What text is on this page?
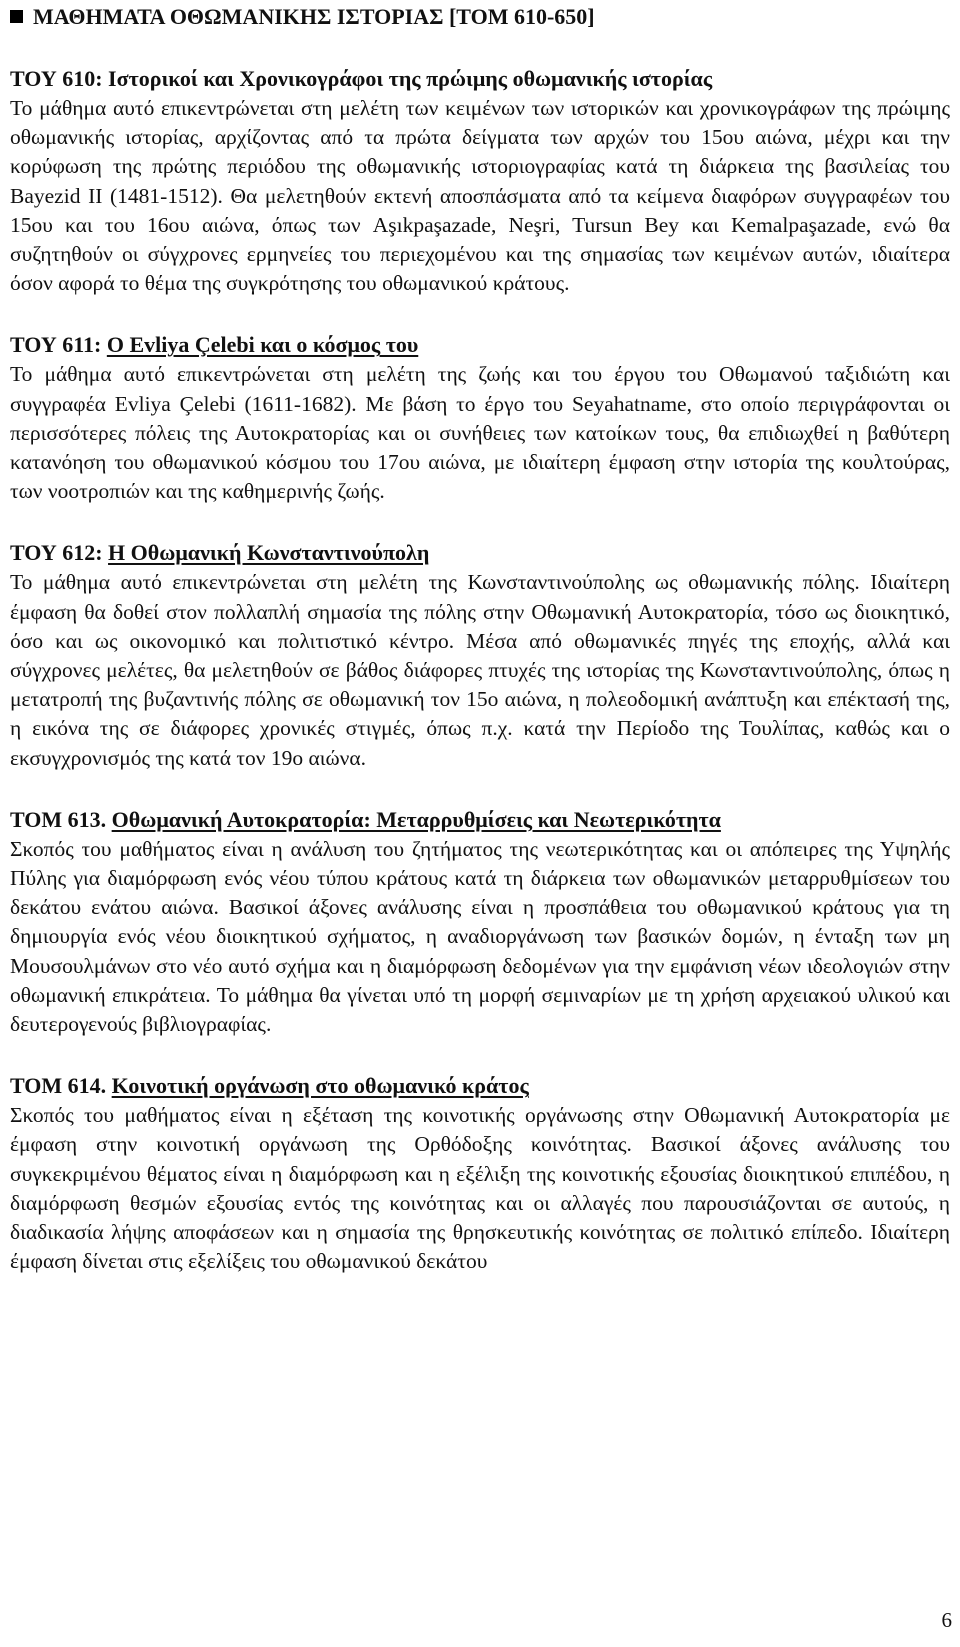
ΜΑΘΗΜΑΤΑ ΟΘΩΜΑΝΙΚΗΣ ΙΣΤΟΡΙΑΣ [ΤΟΜ 610-650]

ΤΟΥ 610: Ιστορικοί και Χρονικογράφοι της πρώιμης οθωμανικής ιστορίας

Το μάθημα αυτό επικεντρώνεται στη μελέτη των κειμένων των ιστορικών και χρονικογράφων της πρώιμης οθωμανικής ιστορίας, αρχίζοντας από τα πρώτα δείγματα των αρχών του 15ου αιώνα, μέχρι και την κορύφωση της πρώτης περιόδου της οθωμανικής ιστοριογραφίας κατά τη διάρκεια της βασιλείας του Bayezid II (1481-1512). Θα μελετηθούν εκτενή αποσπάσματα από τα κείμενα διαφόρων συγγραφέων του 15ου και του 16ου αιώνα, όπως των Aşıkpaşazade, Neşri, Tursun Bey και Kemalpaşazade, ενώ θα συζητηθούν οι σύγχρονες ερμηνείες του περιεχομένου και της σημασίας των κειμένων αυτών, ιδιαίτερα όσον αφορά το θέμα της συγκρότησης του οθωμανικού κράτους.

ΤΟΥ 611: Ο Evliya Çelebi και ο κόσμος του

Το μάθημα αυτό επικεντρώνεται στη μελέτη της ζωής και του έργου του Οθωμανού ταξιδιώτη και συγγραφέα Evliya Çelebi (1611-1682). Με βάση το έργο του Seyahatname, στο οποίο περιγράφονται οι περισσότερες πόλεις της Αυτοκρατορίας και οι συνήθειες των κατοίκων τους, θα επιδιωχθεί η βαθύτερη κατανόηση του οθωμανικού κόσμου του 17ου αιώνα, με ιδιαίτερη έμφαση στην ιστορία της κουλτούρας, των νοοτροπιών και της καθημερινής ζωής.

ΤΟΥ 612: Η Οθωμανική Κωνσταντινούπολη

Το μάθημα αυτό επικεντρώνεται στη μελέτη της Κωνσταντινούπολης ως οθωμανικής πόλης. Ιδιαίτερη έμφαση θα δοθεί στον πολλαπλή σημασία της πόλης στην Οθωμανική Αυτοκρατορία, τόσο ως διοικητικό, όσο και ως οικονομικό και πολιτιστικό κέντρο. Μέσα από οθωμανικές πηγές της εποχής, αλλά και σύγχρονες μελέτες, θα μελετηθούν σε βάθος διάφορες πτυχές της ιστορίας της Κωνσταντινούπολης, όπως η μετατροπή της βυζαντινής πόλης σε οθωμανική τον 15ο αιώνα, η πολεοδομική ανάπτυξη και επέκτασή της, η εικόνα της σε διάφορες χρονικές στιγμές, όπως π.χ. κατά την Περίοδο της Τουλίπας, καθώς και ο εκσυγχρονισμός της κατά τον 19ο αιώνα.

ΤΟΜ 613. Οθωμανική Αυτοκρατορία: Μεταρρυθμίσεις και Νεωτερικότητα

Σκοπός του μαθήματος είναι η ανάλυση του ζητήματος της νεωτερικότητας και οι απόπειρες της Υψηλής Πύλης για διαμόρφωση ενός νέου τύπου κράτους κατά τη διάρκεια των οθωμανικών μεταρρυθμίσεων του δεκάτου ενάτου αιώνα. Βασικοί άξονες ανάλυσης είναι η προσπάθεια του οθωμανικού κράτους για τη δημιουργία ενός νέου διοικητικού σχήματος, η αναδιοργάνωση των βασικών δομών, η ένταξη των μη Μουσουλμάνων στο νέο αυτό σχήμα και η διαμόρφωση δεδομένων για την εμφάνιση νέων ιδεολογιών στην οθωμανική επικράτεια. Το μάθημα θα γίνεται υπό τη μορφή σεμιναρίων με τη χρήση αρχειακού υλικού και δευτερογενούς βιβλιογραφίας.

ΤΟΜ 614. Κοινοτική οργάνωση στο οθωμανικό κράτος

Σκοπός του μαθήματος είναι η εξέταση της κοινοτικής οργάνωσης στην Οθωμανική Αυτοκρατορία με έμφαση στην κοινοτική οργάνωση της Ορθόδοξης κοινότητας. Βασικοί άξονες ανάλυσης του συγκεκριμένου θέματος είναι η διαμόρφωση και η εξέλιξη της κοινοτικής εξουσίας διοικητικού επιπέδου, η διαμόρφωση θεσμών εξουσίας εντός της κοινότητας και οι αλλαγές που παρουσιάζονται σε αυτούς, η διαδικασία λήψης αποφάσεων και η σημασία της θρησκευτικής κοινότητας σε πολιτικό επίπεδο. Ιδιαίτερη έμφαση δίνεται στις εξελίξεις του οθωμανικού δεκάτου

6
